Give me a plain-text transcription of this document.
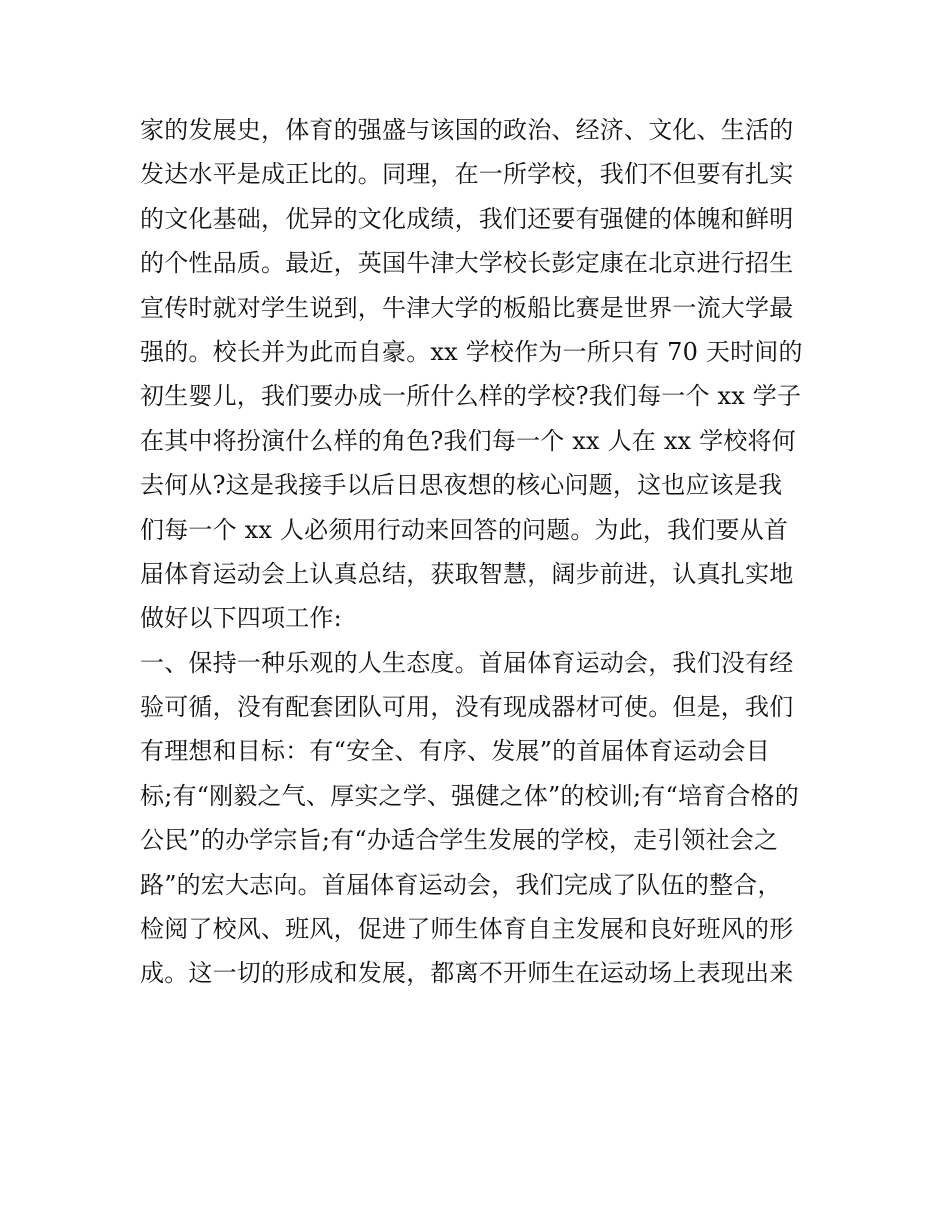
家的发展史，体育的强盛与该国的政治、经济、文化、生活的
发达水平是成正比的。同理，在一所学校，我们不但要有扎实
的文化基础，优异的文化成绩，我们还要有强健的体魄和鲜明
的个性品质。最近，英国牛津大学校长彭定康在北京进行招生
宣传时就对学生说到，牛津大学的板船比赛是世界一流大学最
强的。校长并为此而自豪。xx 学校作为一所只有 70 天时间的
初生婴儿，我们要办成一所什么样的学校?我们每一个 xx 学子
在其中将扮演什么样的角色?我们每一个 xx 人在 xx 学校将何
去何从?这是我接手以后日思夜想的核心问题，这也应该是我
们每一个 xx 人必须用行动来回答的问题。为此，我们要从首
届体育运动会上认真总结，获取智慧，阔步前进，认真扎实地
做好以下四项工作:
一、保持一种乐观的人生态度。首届体育运动会，我们没有经
验可循，没有配套团队可用，没有现成器材可使。但是，我们
有理想和目标：有“安全、有序、发展”的首届体育运动会目
标;有“刚毅之气、厚实之学、强健之体”的校训;有“培育合格的
公民”的办学宗旨;有“办适合学生发展的学校，走引领社会之
路”的宏大志向。首届体育运动会，我们完成了队伍的整合，
检阅了校风、班风，促进了师生体育自主发展和良好班风的形
成。这一切的形成和发展，都离不开师生在运动场上表现出来
